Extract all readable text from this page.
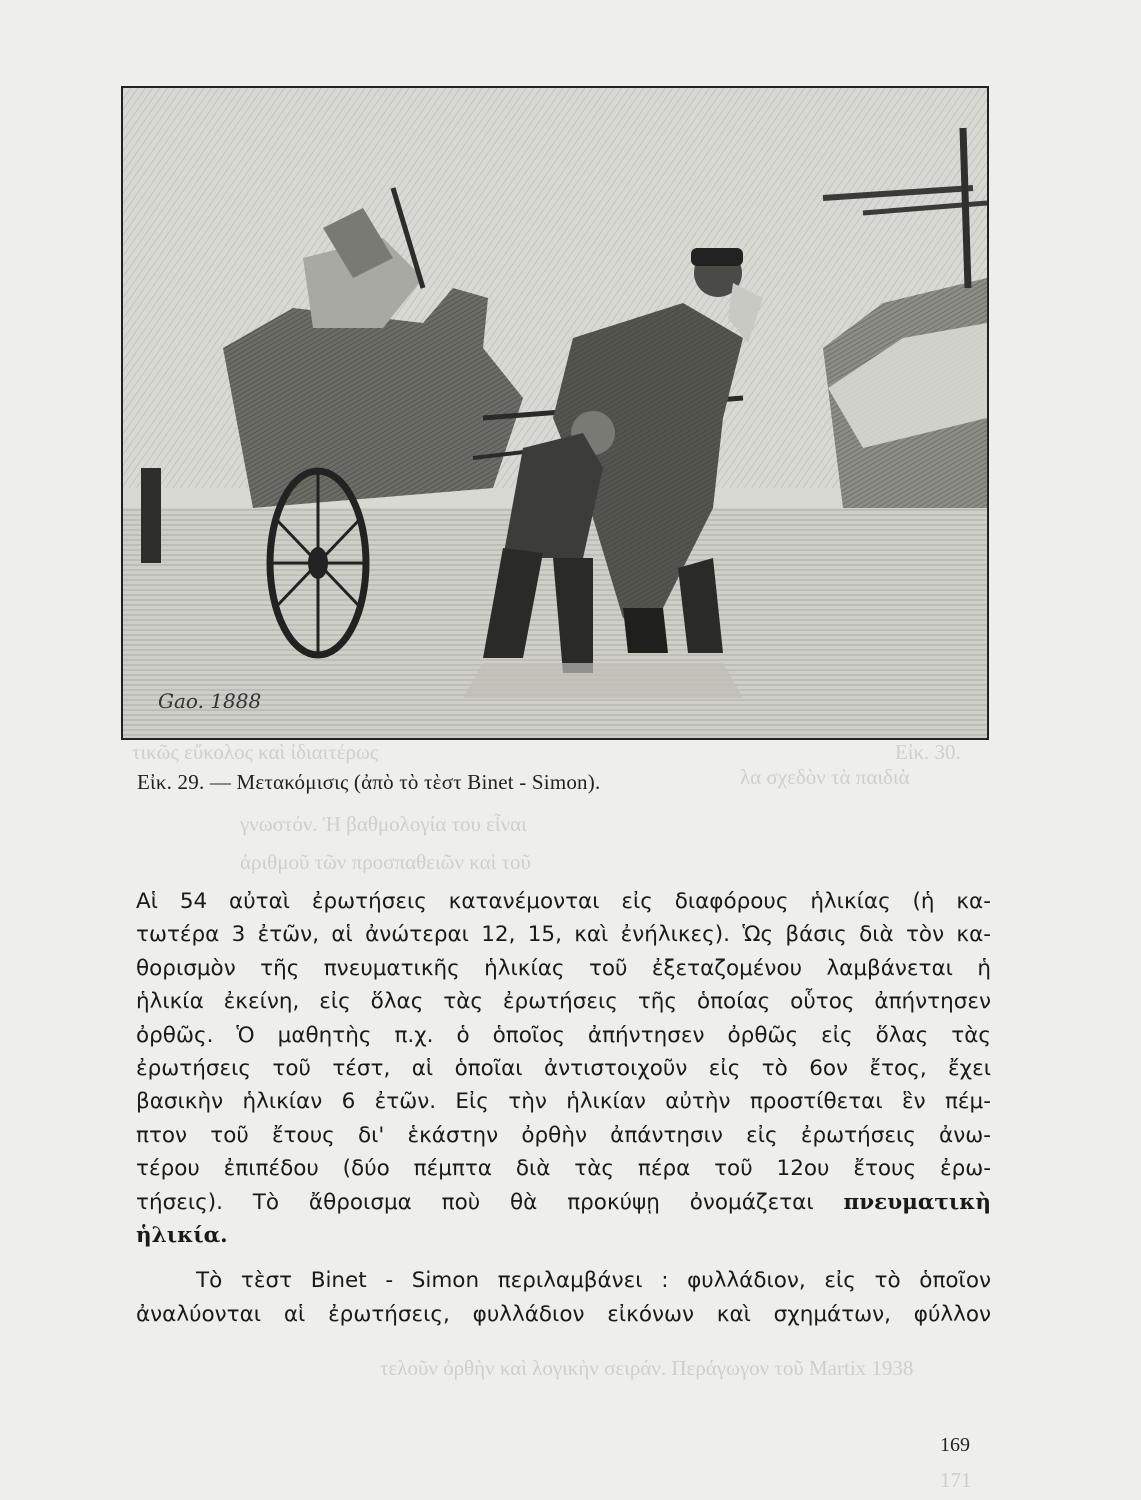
τικῶς εὔκολος καὶ ἰδιαιτέρως	Εἰκ. 30.
λα σχεδὸν τὰ παιδιὰ
γνωστόν. Ἡ βαθμολογία του εἶναι
ἀριθμοῦ τῶν προσπαθειῶν καὶ τοῦ
τελοῦν ὀρθὴν καὶ λογικὴν σειράν. Περάγωγον τοῦ Martix 1938
171
Gao. 1888
Εἰκ. 29. — Μετακόμισις (ἀπὸ τὸ τὲστ Binet - Simon).

Αἱ 54 αὐταὶ ἐρωτήσεις κατανέμονται εἰς διαφόρους ἡλικίας (ἡ κα-
τωτέρα 3 ἐτῶν, αἱ ἀνώτεραι 12, 15, καὶ ἐνήλικες). Ὡς βάσις διὰ τὸν κα-
θορισμὸν τῆς πνευματικῆς ἡλικίας τοῦ ἐξεταζομένου λαμβάνεται ἡ
ἡλικία ἐκείνη, εἰς ὅλας τὰς ἐρωτήσεις τῆς ὁποίας οὗτος ἀπήντησεν
ὀρθῶς. Ὁ μαθητὴς π.χ. ὁ ὁποῖος ἀπήντησεν ὀρθῶς εἰς ὅλας τὰς
ἐρωτήσεις τοῦ τέστ, αἱ ὁποῖαι ἀντιστοιχοῦν εἰς τὸ 6ον ἔτος, ἔχει
βασικὴν ἡλικίαν 6 ἐτῶν. Εἰς τὴν ἡλικίαν αὐτὴν προστίθεται ἓν πέμ-
πτον τοῦ ἔτους δι' ἑκάστην ὀρθὴν ἀπάντησιν εἰς ἐρωτήσεις ἀνω-
τέρου ἐπιπέδου (δύο πέμπτα διὰ τὰς πέρα τοῦ 12ου ἔτους ἐρω-
τήσεις). Τὸ ἄθροισμα ποὺ θὰ προκύψῃ ὀνομάζεται πνευματικὴ
ἡλικία.

Τὸ τὲστ Binet - Simon περιλαμβάνει : φυλλάδιον, εἰς τὸ ὁποῖον
ἀναλύονται αἱ ἐρωτήσεις, φυλλάδιον εἰκόνων καὶ σχημάτων, φύλλον

169
